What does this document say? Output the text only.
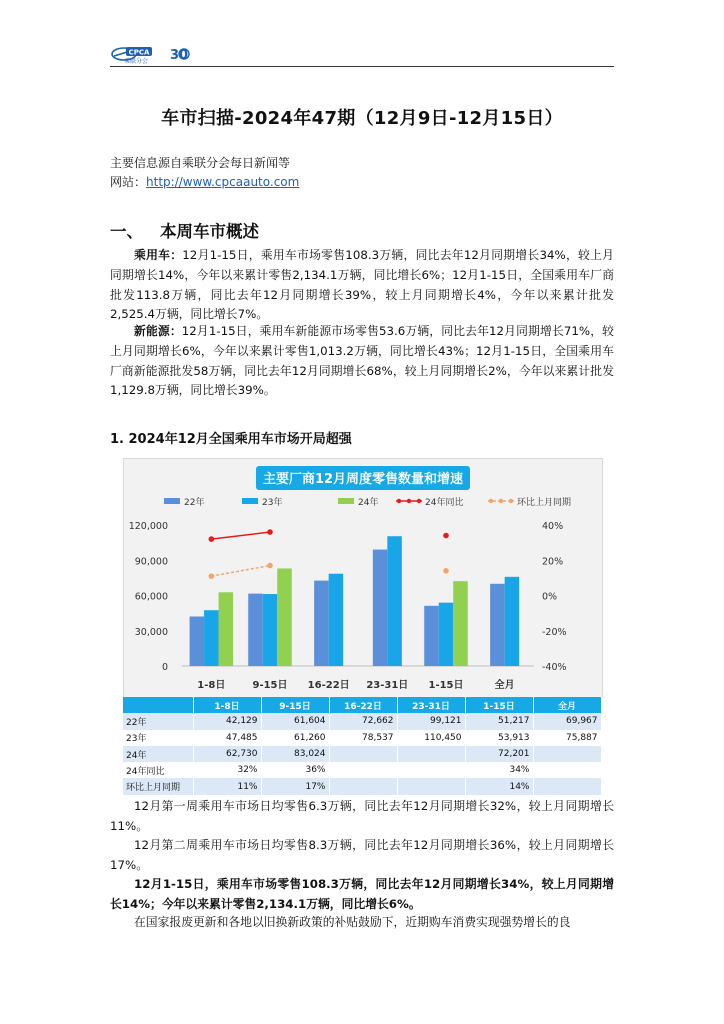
CPCA
乘联分会 30
车市扫描-2024年47期（12月9日-12月15日）
主要信息源自乘联分会每日新闻等
网站：http://www.cpcaauto.com
一、 本周车市概述
乘用车：12月1-15日，乘用车市场零售108.3万辆，同比去年12月同期增长34%，较上月同期增长14%，今年以来累计零售2,134.1万辆，同比增长6%；12月1-15日，全国乘用车厂商批发113.8万辆，同比去年12月同期增长39%，较上月同期增长4%，今年以来累计批发2,525.4万辆，同比增长7%。
新能源：12月1-15日，乘用车新能源市场零售53.6万辆，同比去年12月同期增长71%，较上月同期增长6%，今年以来累计零售1,013.2万辆，同比增长43%；12月1-15日，全国乘用车厂商新能源批发58万辆，同比去年12月同期增长68%，较上月同期增长2%，今年以来累计批发1,129.8万辆，同比增长39%。
1. 2024年12月全国乘用车市场开局超强
主要厂商12月周度零售数量和增速
22年	23年	24年	24年同比	环比上月同期
0
30,000
60,000
90,000
120,000
-40%
-20%
0%
20%
40%
1-8日	9-15日 16-22日 23-31日 1-15日	全月
	1-8日	9-15日	16-22日	23-31日	1-15日	全月
22年	42,129	61,604	72,662	99,121	51,217	69,967
23年	47,485	61,260	78,537	110,450	53,913	75,887
24年	62,730	83,024			72,201	
24年同比	32%	36%			34%	
环比上月同期	11%	17%			14%	
12月第一周乘用车市场日均零售6.3万辆，同比去年12月同期增长32%，较上月同期增长11%。
12月第二周乘用车市场日均零售8.3万辆，同比去年12月同期增长36%，较上月同期增长17%。
12月1-15日，乘用车市场零售108.3万辆，同比去年12月同期增长34%，较上月同期增长14%；今年以来累计零售2,134.1万辆，同比增长6%。
在国家报废更新和各地以旧换新政策的补贴鼓励下，近期购车消费实现强势增长的良
